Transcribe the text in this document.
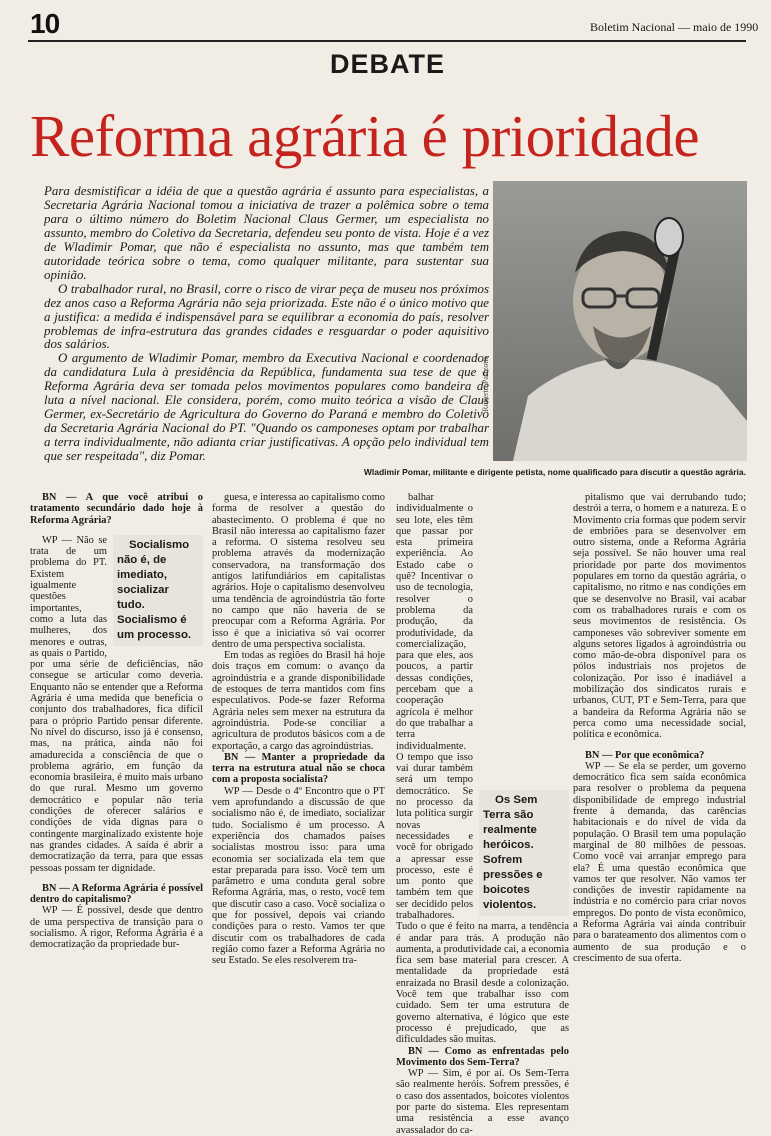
10	Boletim Nacional — maio de 1990
DEBATE
Reforma agrária é prioridade

Para desmistificar a idéia de que a questão agrária é assunto para especialistas, a Secretaria Agrária Nacional tomou a iniciativa de trazer a polêmica sobre o tema para o último número do Boletim Nacional Claus Germer, um especialista no assunto, membro do Coletivo da Secretaria, defendeu seu ponto de vista. Hoje é a vez de Wladimir Pomar, que não é especialista no assunto, mas que também tem autoridade teórica sobre o tema, como qualquer militante, para sustentar sua opinião.

O trabalhador rural, no Brasil, corre o risco de virar peça de museu nos próximos dez anos caso a Reforma Agrária não seja priorizada. Este não é o único motivo que a justifica: a medida é indispensável para se equilibrar a economia do país, resolver problemas de infra-estrutura das grandes cidades e resguardar o poder aquisitivo dos salários.

O argumento de Wladimir Pomar, membro da Executiva Nacional e coordenador da candidatura Lula à presidência da República, fundamenta sua tese de que a Reforma Agrária deva ser tomada pelos movimentos populares como bandeira de luta a nível nacional. Ele considera, porém, como muito teórica a visão de Claus Germer, ex-Secretário de Agricultura do Governo do Paraná e membro do Coletivo da Secretaria Agrária Nacional do PT. "Quando os camponeses optam por trabalhar a terra individualmente, não adianta criar justificativas. A opção pelo individual tem que ser respeitada", diz Pomar.

Roberto Parizotti
Wladimir Pomar, militante e dirigente petista, nome qualificado para discutir a questão agrária.

BN — A que você atribui o tratamento secundário dado hoje à Reforma Agrária?

Socialismo não é, de imediato, socializar tudo. Socialismo é um processo.
WP — Não se trata de um problema do PT. Existem igualmente questões importantes, como a luta das mulheres, dos menores e outras, as quais o Partido, por uma série de deficiências, não consegue se articular como deveria. Enquanto não se entender que a Reforma Agrária é uma medida que beneficia o conjunto dos trabalhadores, fica difícil para o próprio Partido pensar diferente. No nível do discurso, isso já é consenso, mas, na prática, ainda não foi amadurecida a consciência de que o problema agrário, em função da economia brasileira, é muito mais urbano do que rural. Mesmo um governo democrático e popular não teria condições de oferecer salários e condições de vida dignas para o contingente marginalizado existente hoje nas grandes cidades. A saída é abrir a democratização da terra, para que essas pessoas possam ter dignidade.

BN — A Reforma Agrária é possível dentro do capitalismo?

WP — É possível, desde que dentro de uma perspectiva de transição para o socialismo. A rigor, Reforma Agrária é a democratização da propriedade bur-

guesa, e interessa ao capitalismo como forma de resolver a questão do abastecimento. O problema é que no Brasil não interessa ao capitalismo fazer a reforma. O sistema resolveu seu problema através da modernização conservadora, na transformação dos antigos latifundiários em capitalistas agrários. Hoje o capitalismo desenvolveu uma tendência de agroindústria tão forte no campo que não haveria de se preocupar com a Reforma Agrária. Por isso é que a iniciativa só vai ocorrer dentro de uma perspectiva socialista.

Em todas as regiões do Brasil há hoje dois traços em comum: o avanço da agroindústria e a grande disponibilidade de estoques de terra mantidos com fins especulativos. Pode-se fazer Reforma Agrária neles sem mexer na estrutura da agroindústria. Pode-se conciliar a agricultura de produtos básicos com a de exportação, a cargo das agroindústrias.

BN — Manter a propriedade da terra na estrutura atual não se choca com a proposta socialista?

WP — Desde o 4º Encontro que o PT vem aprofundando a discussão de que socialismo não é, de imediato, socializar tudo. Socialismo é um processo. A experiência dos chamados países socialistas mostrou isso: para uma economia ser socializada ela tem que estar preparada para isso. Você tem um parâmetro e uma conduta geral sobre Reforma Agrária, mas, o resto, você tem que discutir caso a caso. Você socializa o que for possível, depois vai criando condições para o resto. Vamos ter que discutir com os trabalhadores de cada região como fazer a Reforma Agrária no seu Estado. Se eles resolverem tra-

Os Sem Terra são realmente heróicos. Sofrem pressões e boicotes violentos.
balhar individualmente o seu lote, eles têm que passar por esta primeira experiência. Ao Estado cabe o quê? Incentivar o uso de tecnologia, resolver o problema da produção, da produtividade, da comercialização, para que eles, aos poucos, a partir dessas condições, percebam que a cooperação agrícola é melhor do que trabalhar a terra individualmente. O tempo que isso vai durar também será um tempo democrático. Se no processo da luta política surgir novas necessidades e você for obrigado a apressar esse processo, este é um ponto que também tem que ser decidido pelos trabalhadores. Tudo o que é feito na marra, a tendência é andar para trás. A produção não aumenta, a produtividade cai, a economia fica sem base material para crescer. A mentalidade da propriedade está enraizada no Brasil desde a colonização. Você tem que trabalhar isso com cuidado. Sem ter uma estrutura de governo alternativa, é lógico que este processo é prejudicado, que as dificuldades são muitas.

BN — Como as enfrentadas pelo Movimento dos Sem-Terra?

WP — Sim, é por aí. Os Sem-Terra são realmente heróis. Sofrem pressões, é o caso dos assentados, boicotes violentos por parte do sistema. Eles representam uma resistência a esse avanço avassalador do ca-

pitalismo que vai derrubando tudo; destrói a terra, o homem e a natureza. E o Movimento cria formas que podem servir de embriões para se desenvolver em outro sistema, onde a Reforma Agrária seja possível. Se não houver uma real prioridade por parte dos movimentos populares em torno da questão agrária, o capitalismo, no ritmo e nas condições em que se desenvolve no Brasil, vai acabar com os trabalhadores rurais e com os seus movimentos de resistência. Os camponeses vão sobreviver somente em alguns setores ligados à agroindústria ou como mão-de-obra disponível para os pólos industriais nos projetos de colonização. Por isso é inadiável a mobilização dos sindicatos rurais e urbanos, CUT, PT e Sem-Terra, para que a bandeira da Reforma Agrária não se perca como uma necessidade social, política e econômica.

BN — Por que econômica?

WP — Se ela se perder, um governo democrático fica sem saída econômica para resolver o problema da pequena disponibilidade de emprego industrial frente à demanda, das carências habitacionais e do nível de vida da população. O Brasil tem uma população marginal de 80 milhões de pessoas. Como você vai arranjar emprego para ela? É uma questão econômica que vamos ter que resolver. Não vamos ter condições de investir rapidamente na indústria e no comércio para criar novos empregos. Do ponto de vista econômico, a Reforma Agrária vai ainda contribuir para o barateamento dos alimentos com o aumento de sua produção e o crescimento de sua oferta.
